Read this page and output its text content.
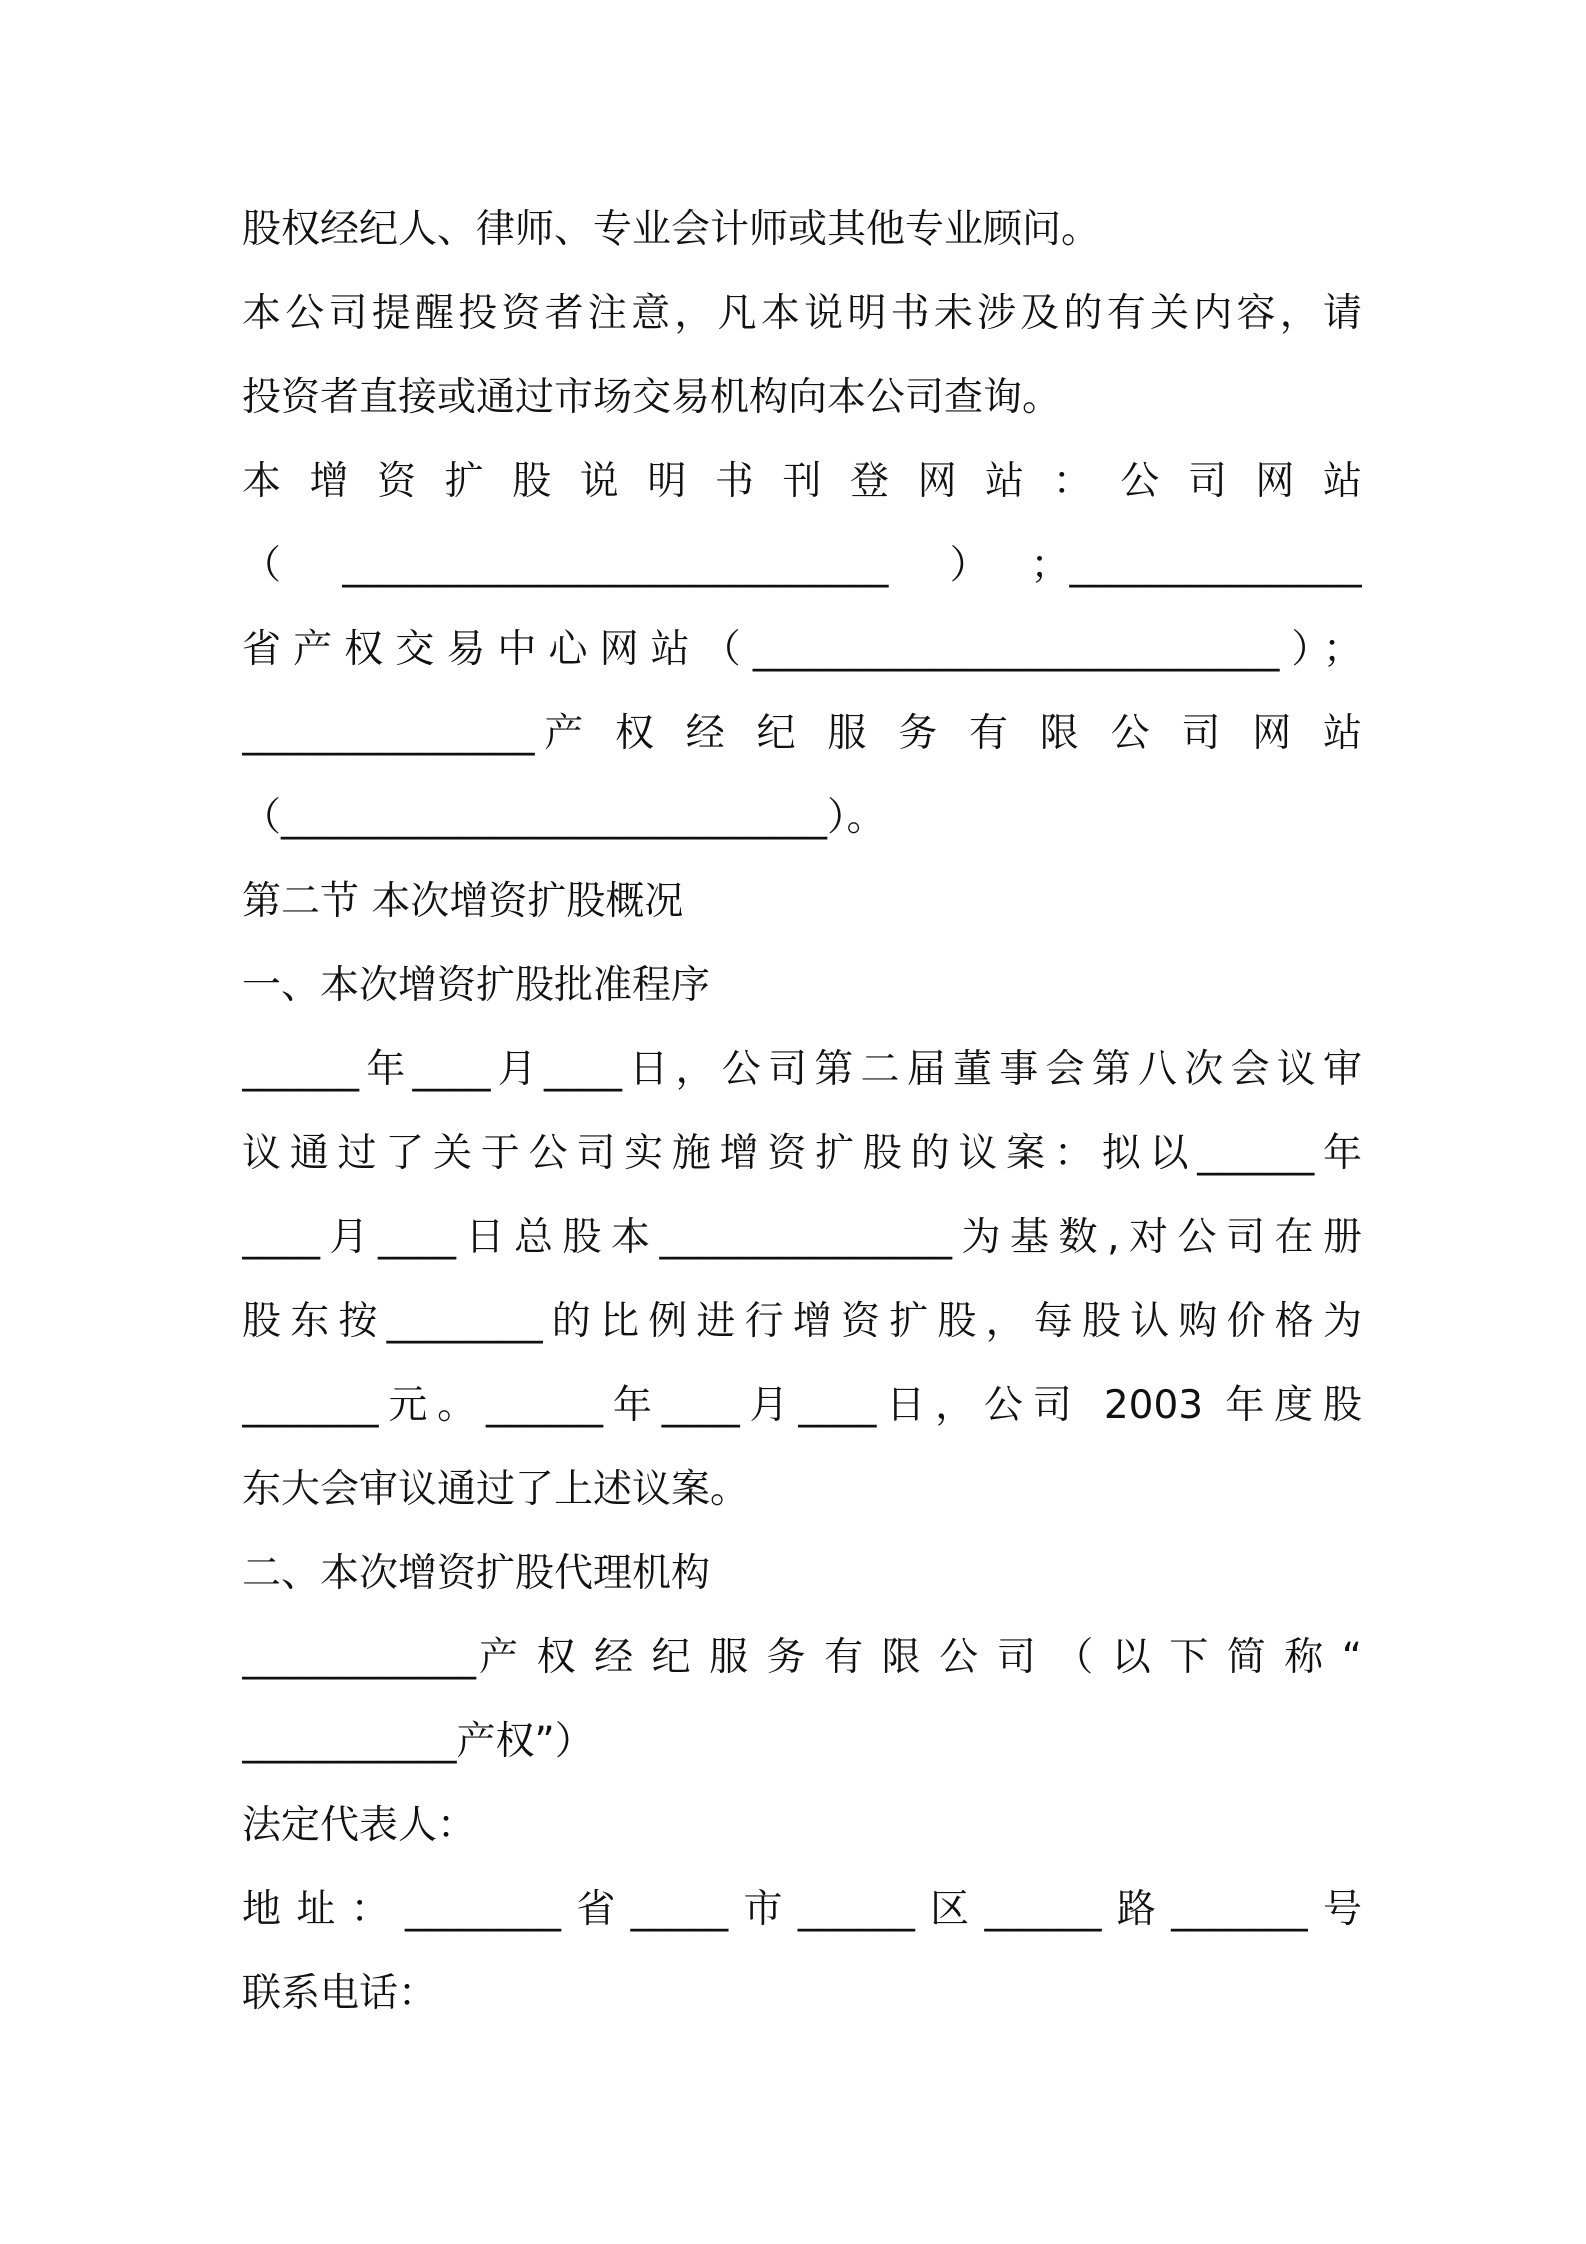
股权经纪人、律师、专业会计师或其他专业顾问。

本公司提醒投资者注意，凡本说明书未涉及的有关内容，请

投资者直接或通过市场交易机构向本公司查询。

本 增 资 扩 股 说 明 书 刊 登 网 站 ： 公 司 网 站

（____________________________）；_______________

省产权交易中心网站（___________________________）；

_______________产 权 经 纪 服 务 有 限 公 司 网 站

（____________________________）。

第二节 本次增资扩股概况

一、本次增资扩股批准程序

______年____月____日，公司第二届董事会第八次会议审

议通过了关于公司实施增资扩股的议案：拟以______年

____月____日总股本_______________为基数,对公司在册

股东按________的比例进行增资扩股，每股认购价格为

_______元。______年____月____日，公司 2003 年度股

东大会审议通过了上述议案。

二、本次增资扩股代理机构

____________产 权 经 纪 服 务 有 限 公 司 （ 以 下 简 称 “

___________产权”）

法定代表人：

地址：________省_____市______区______路_______号

联系电话：
